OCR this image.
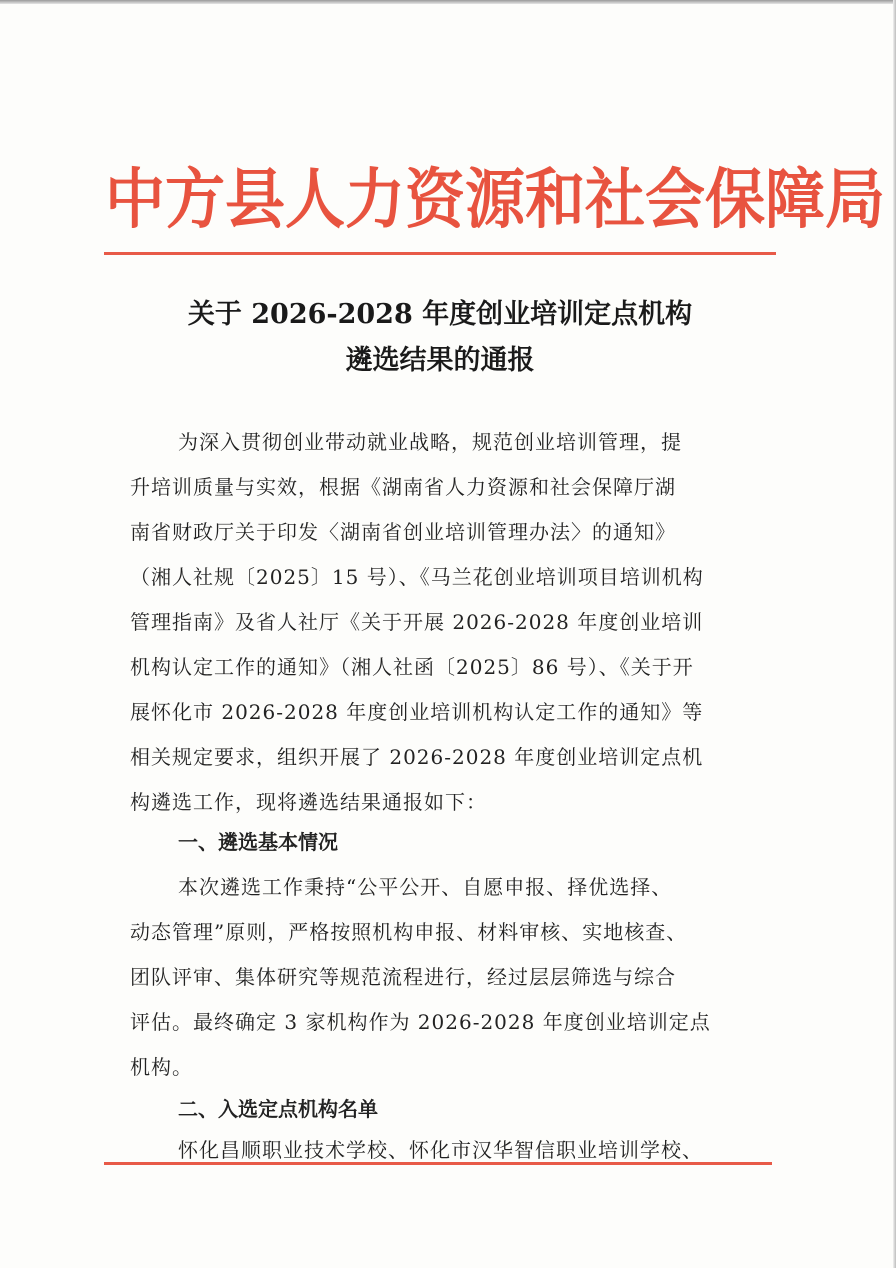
中方县人力资源和社会保障局
关于 2026-2028 年度创业培训定点机构
遴选结果的通报
为深入贯彻创业带动就业战略，规范创业培训管理，提
升培训质量与实效，根据《湖南省人力资源和社会保障厅湖
南省财政厅关于印发〈湖南省创业培训管理办法〉的通知》
（湘人社规〔2025〕15 号）、《马兰花创业培训项目培训机构
管理指南》及省人社厅《关于开展 2026-2028 年度创业培训
机构认定工作的通知》（湘人社函〔2025〕86 号）、《关于开
展怀化市 2026-2028 年度创业培训机构认定工作的通知》等
相关规定要求，组织开展了 2026-2028 年度创业培训定点机
构遴选工作，现将遴选结果通报如下：
一、遴选基本情况
本次遴选工作秉持“公平公开、自愿申报、择优选择、
动态管理”原则，严格按照机构申报、材料审核、实地核查、
团队评审、集体研究等规范流程进行，经过层层筛选与综合
评估。最终确定 3 家机构作为 2026-2028 年度创业培训定点
机构。
二、入选定点机构名单
怀化昌顺职业技术学校、怀化市汉华智信职业培训学校、
